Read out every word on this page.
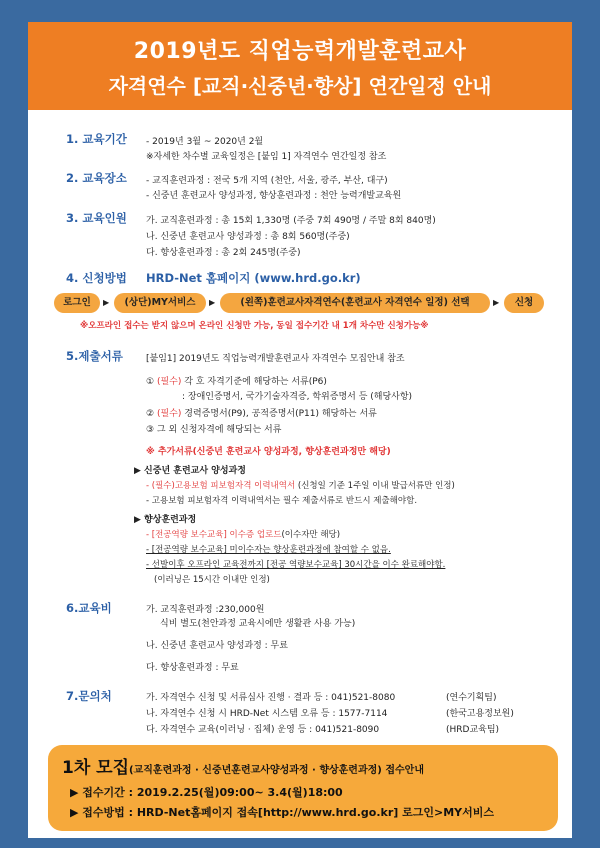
2019년도 직업능력개발훈련교사
자격연수 [교직·신중년·향상] 연간일정 안내
1. 교육기간 - 2019년 3월 ~ 2020년 2월
※자세한 차수별 교육일정은 [붙임 1] 자격연수 연간일정 참조
2. 교육장소 - 교직훈련과정 : 전국 5개 지역 (천안, 서울, 광주, 부산, 대구)
- 신중년 훈련교사 양성과정, 향상훈련과정 : 천안 능력개발교육원
3. 교육인원 가. 교직훈련과정 : 총 15회 1,330명 (주중 7회 490명 / 주말 8회 840명)
나. 신중년 훈련교사 양성과정 : 총 8회 560명(주중)
다. 향상훈련과정 : 총 2회 245명(주중)
4. 신청방법 HRD-Net 홈페이지 (www.hrd.go.kr)
로그인	▶	(상단)MY서비스	▶	(왼쪽)훈련교사자격연수(훈련교사 자격연수 일정) 선택	▶	신청
※오프라인 접수는 받지 않으며 온라인 신청만 가능, 동일 접수기간 내 1개 차수만 신청가능※
5.제출서류	[붙임1] 2019년도 직업능력개발훈련교사 자격연수 모집안내 참조
① (필수) 각 호 자격기준에 해당하는 서류(P6)
: 장애인증명서, 국가기술자격증, 학위증명서 등 (해당사항)
② (필수) 경력증명서(P9), 공적증명서(P11) 해당하는 서류
③ 그 외 신청자격에 해당되는 서류
※ 추가서류(신중년 훈련교사 양성과정, 향상훈련과정만 해당)
▶ 신중년 훈련교사 양성과정
- (필수)고용보험 피보험자격 이력내역서 (신청일 기준 1주일 이내 발급서류만 인정)
- 고용보험 피보험자격 이력내역서는 필수 제출서류로 반드시 제출해야함.
▶ 향상훈련과정
- [전공역량 보수교육] 이수증 업로드(이수자만 해당)
- [전공역량 보수교육] 미이수자는 향상훈련과정에 참여할 수 없음.
- 선발이후 오프라인 교육전까지 [전공 역량보수교육] 30시간을 이수 완료해야함.
(이러닝은 15시간 이내만 인정)
6.교육비	가. 교직훈련과정 :230,000원
식비 별도(천안과정 교육시에만 생활관 사용 가능)
나. 신중년 훈련교사 양성과정 : 무료
다. 향상훈련과정 : 무료
7.문의처	가. 자격연수 신청 및 서류심사 진행 · 결과 등 : 041)521-8080	(연수기획팀)
나. 자격연수 신청 시 HRD-Net 시스템 오류 등 : 1577-7114	(한국고용정보원)
다. 자격연수 교육(이러닝 · 집체) 운영 등 : 041)521-8090	(HRD교육팀)
1차 모집(교직훈련과정 · 신중년훈련교사양성과정 · 향상훈련과정) 접수안내
▶ 접수기간 : 2019.2.25(월)09:00~ 3.4(월)18:00
▶ 접수방법 : HRD-Net홈페이지 접속[http://www.hrd.go.kr] 로그인>MY서비스
